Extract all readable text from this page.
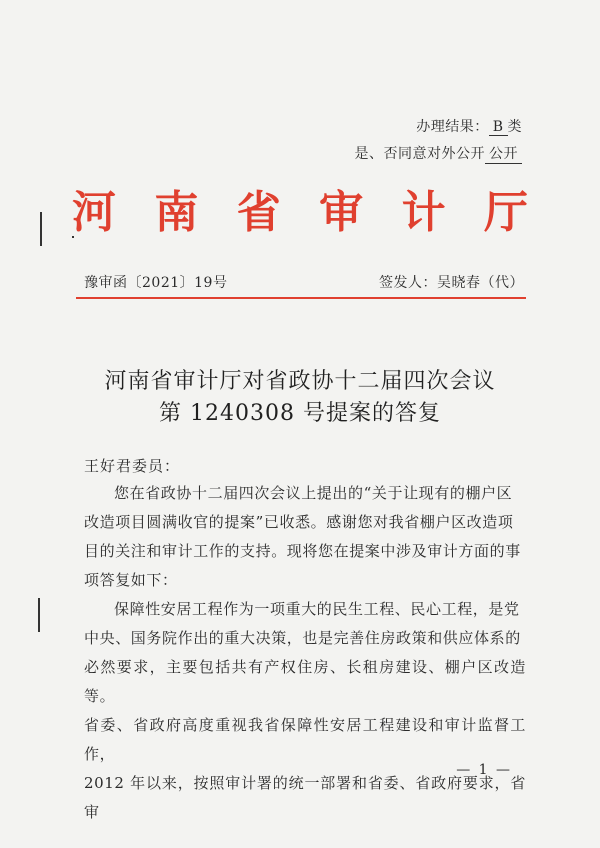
办理结果： B 类
是、否同意对外公开 公开
河 南 省 审 计 厅
豫审函〔2021〕19号	签发人：吴晓春（代）
河南省审计厅对省政协十二届四次会议
第 1240308 号提案的答复
王好君委员：
您在省政协十二届四次会议上提出的“关于让现有的棚户区
改造项目圆满收官的提案”已收悉。感谢您对我省棚户区改造项
目的关注和审计工作的支持。现将您在提案中涉及审计方面的事
项答复如下：
保障性安居工程作为一项重大的民生工程、民心工程，是党
中央、国务院作出的重大决策，也是完善住房政策和供应体系的
必然要求，主要包括共有产权住房、长租房建设、棚户区改造等。
省委、省政府高度重视我省保障性安居工程建设和审计监督工作，
2012 年以来，按照审计署的统一部署和省委、省政府要求，省审
— 1 —
